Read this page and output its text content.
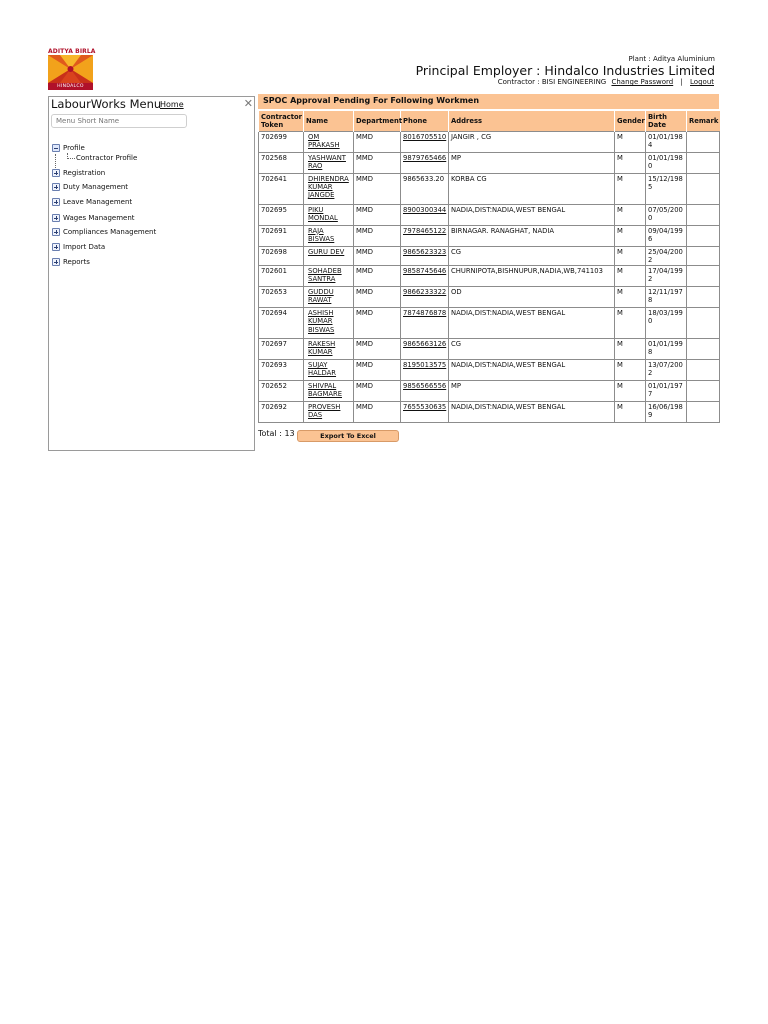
ADITYA BIRLA
HINDALCO
Plant : Aditya Aluminium
Principal Employer : Hindalco Industries Limited
Contractor : BISI ENGINEERING Change Password | Logout
LabourWorks Menu
Home	✕
Menu Short Name
Profile
Contractor Profile
Registration
Duty Management
Leave Management
Wages Management
Compliances Management
Import Data
Reports
SPOC Approval Pending For Following Workmen
Contractor Token	Name	Department	Phone	Address	Gender	Birth Date	Remark
702699	OM PRAKASH	MMD	8016705510	JANGIR , CG	M	01/01/1984	
702568	YASHWANT RAO	MMD	9879765466	MP	M	01/01/1980	
702641	DHIRENDRA KUMAR JANGDE	MMD	9865633.20	KORBA CG	M	15/12/1985	
702695	PIKU MONDAL	MMD	8900300344	NADIA,DIST:NADIA,WEST BENGAL	M	07/05/2000	
702691	RAJA BISWAS	MMD	7978465122	BIRNAGAR. RANAGHAT, NADIA	M	09/04/1996	
702698	GURU DEV	MMD	9865623323	CG	M	25/04/2002	
702601	SOHADEB SANTRA	MMD	9858745646	CHURNIPOTA,BISHNUPUR,NADIA,WB,741103	M	17/04/1992	
702653	GUDDU RAWAT	MMD	9866233322	OD	M	12/11/1978	
702694	ASHISH KUMAR BISWAS	MMD	7874876878	NADIA,DIST:NADIA,WEST BENGAL	M	18/03/1990	
702697	RAKESH KUMAR	MMD	9865663126	CG	M	01/01/1998	
702693	SUJAY HALDAR	MMD	8195013575	NADIA,DIST:NADIA,WEST BENGAL	M	13/07/2002	
702652	SHIVPAL BAGMARE	MMD	9856566556	MP	M	01/01/1977	
702692	PROVESH DAS	MMD	7655530635	NADIA,DIST:NADIA,WEST BENGAL	M	16/06/1989	
Total : 13	Export To Excel
